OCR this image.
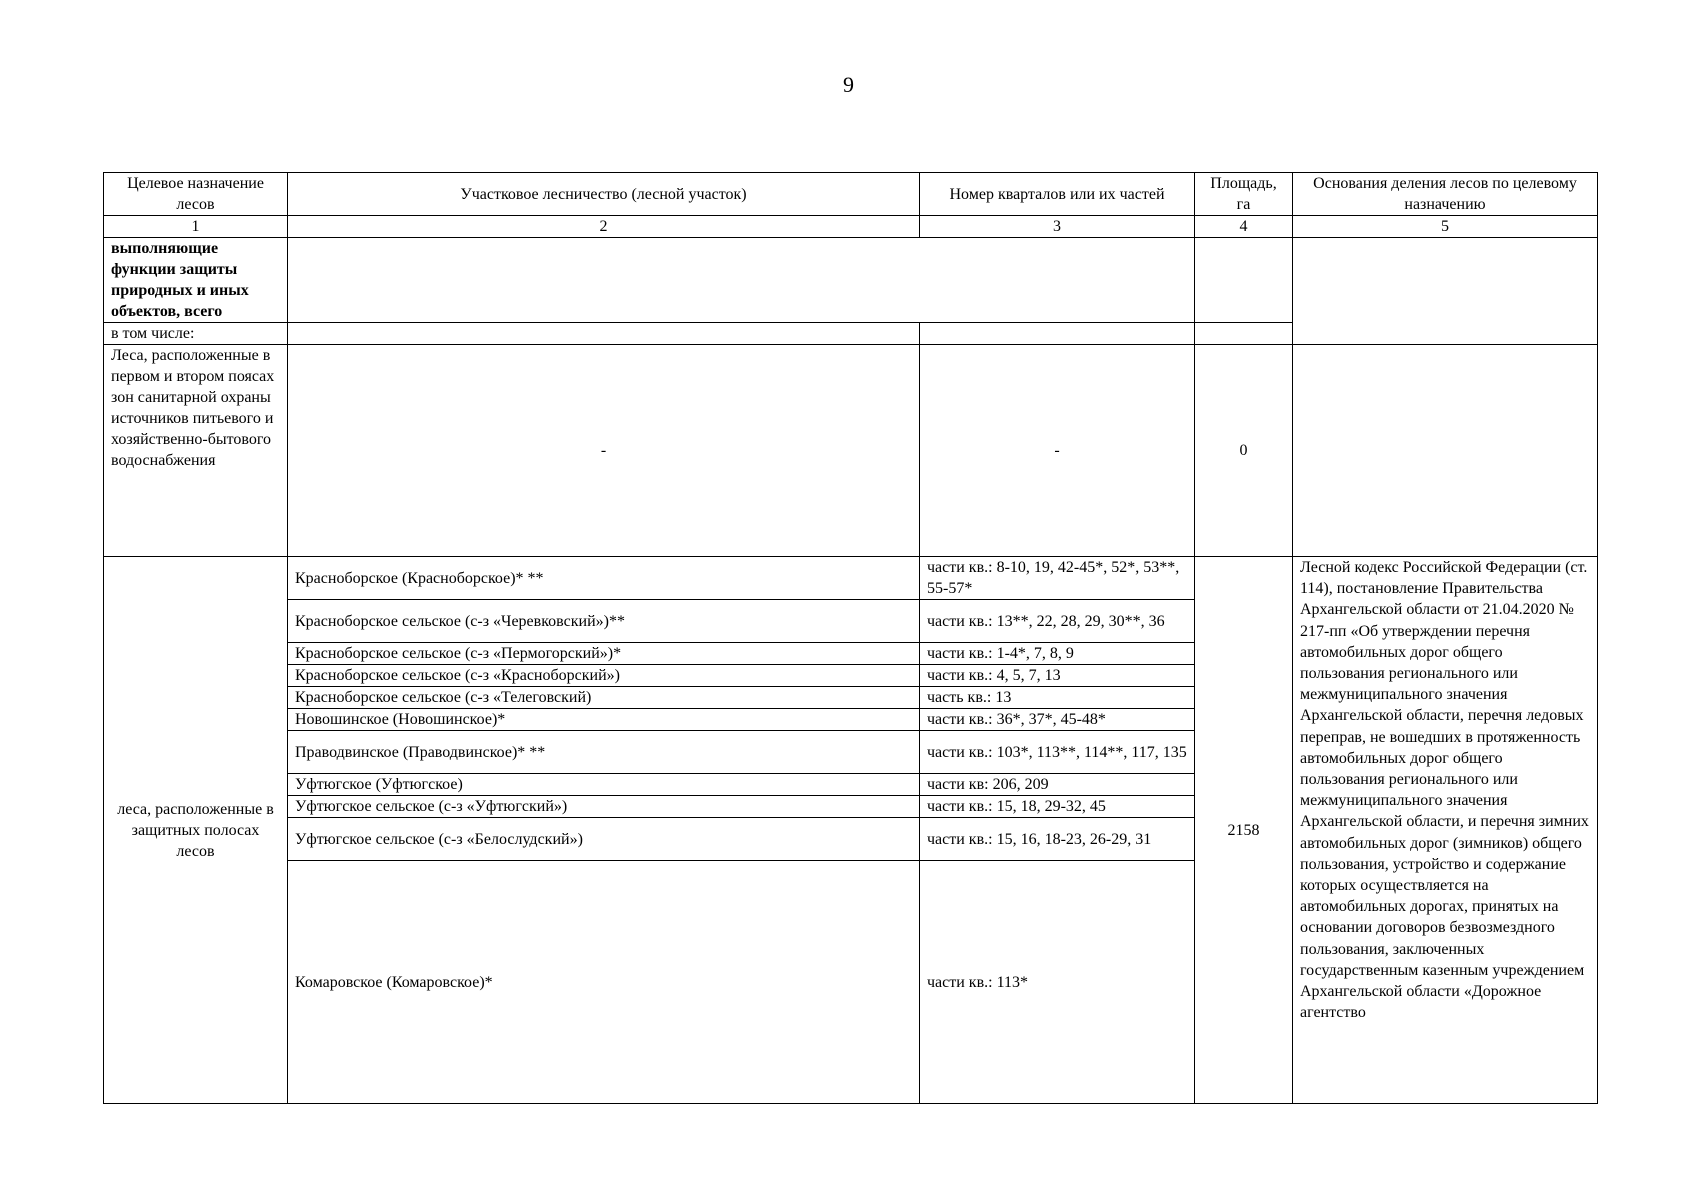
9
Целевое назначение лесов	Участковое лесничество (лесной участок)	Номер кварталов или их частей	Площадь, га	Основания деления лесов по целевому назначению
1	2	3	4	5
выполняющие функции защиты природных и иных объектов, всего				
в том числе:				
Леса, расположенные в первом и втором поясах зон санитарной охраны источников питьевого и хозяйственно-бытового водоснабжения	-	-	0	
леса, расположенные в защитных полосах лесов	Красноборское (Красноборское)* **	части кв.: 8-10, 19, 42-45*, 52*, 53**, 55-57*	2158	Лесной кодекс Российской Федерации (ст. 114), постановление Правительства Архангельской области от 21.04.2020 № 217-пп «Об утверждении перечня автомобильных дорог общего пользования регионального или межмуниципального значения Архангельской области, перечня ледовых переправ, не вошедших в протяженность автомобильных дорог общего пользования регионального или межмуниципального значения Архангельской области, и перечня зимних автомобильных дорог (зимников) общего пользования, устройство и содержание которых осуществляется на автомобильных дорогах, принятых на основании договоров безвозмездного пользования, заключенных государственным казенным учреждением Архангельской области «Дорожное агентство
	Красноборское сельское (с-з «Черевковский»)**	части кв.: 13**, 22, 28, 29, 30**, 36		
	Красноборское сельское (с-з «Пермогорский»)*	части кв.: 1-4*, 7, 8, 9		
	Красноборское сельское (с-з «Красноборский»)	части кв.: 4, 5, 7, 13		
	Красноборское сельское (с-з «Телеговский)	часть кв.: 13		
	Новошинское (Новошинское)*	части кв.: 36*, 37*, 45-48*		
	Праводвинское (Праводвинское)* **	части кв.: 103*, 113**, 114**, 117, 135		
	Уфтюгское (Уфтюгское)	части кв: 206, 209		
	Уфтюгское сельское (с-з «Уфтюгский»)	части кв.: 15, 18, 29-32, 45		
	Уфтюгское сельское (с-з «Белослудский»)	части кв.: 15, 16, 18-23, 26-29, 31		
	Комаровское (Комаровское)*	части кв.: 113*		
